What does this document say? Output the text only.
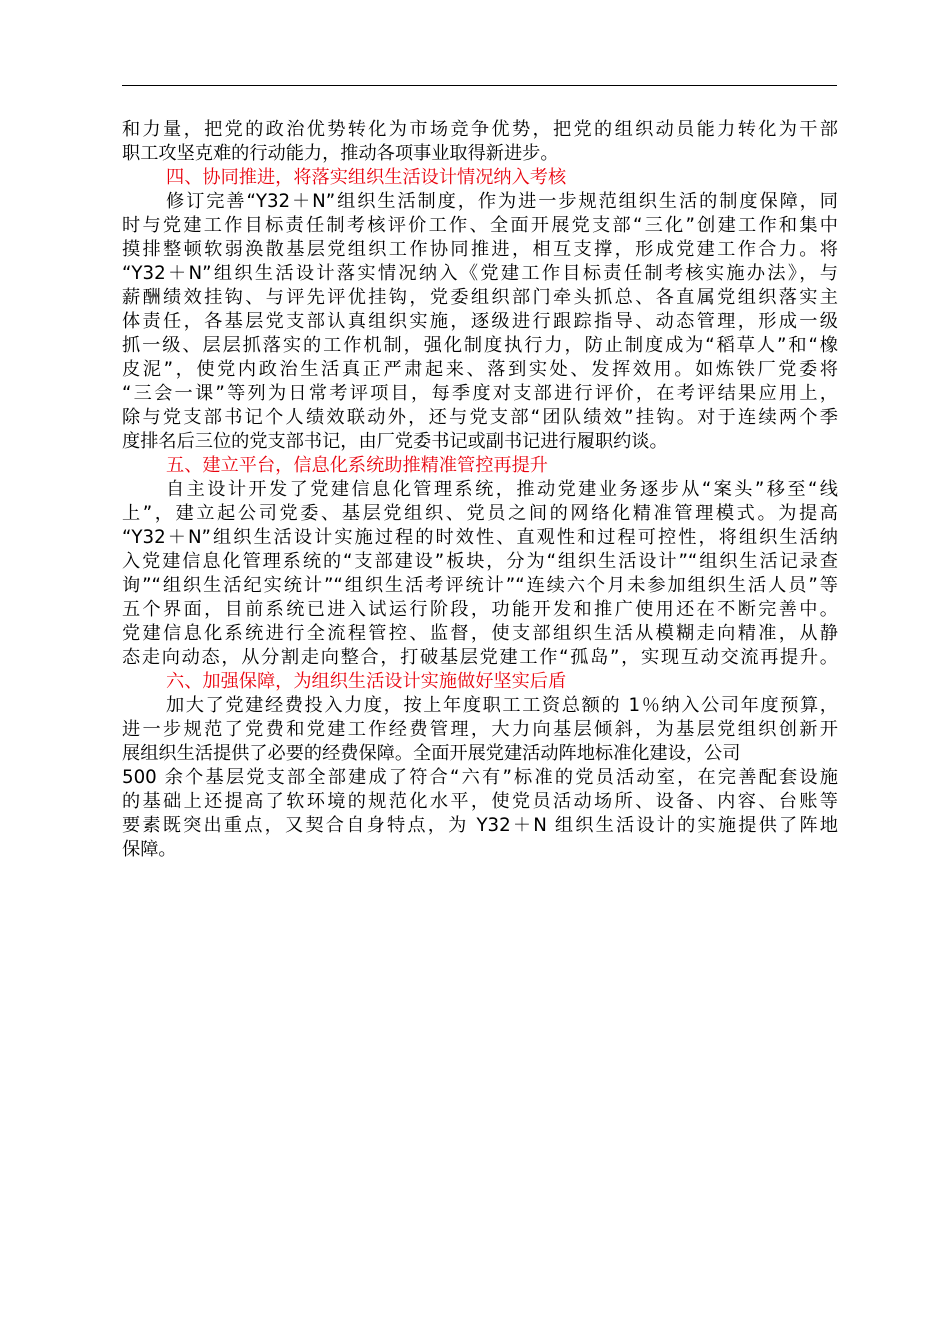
和力量，把党的政治优势转化为市场竞争优势，把党的组织动员能力转化为干部
职工攻坚克难的行动能力，推动各项事业取得新进步。
四、协同推进，将落实组织生活设计情况纳入考核
修订完善“Y32＋N”组织生活制度，作为进一步规范组织生活的制度保障，同
时与党建工作目标责任制考核评价工作、全面开展党支部“三化”创建工作和集中
摸排整顿软弱涣散基层党组织工作协同推进，相互支撑，形成党建工作合力。将
“Y32＋N”组织生活设计落实情况纳入《党建工作目标责任制考核实施办法》，与
薪酬绩效挂钩、与评先评优挂钩，党委组织部门牵头抓总、各直属党组织落实主
体责任，各基层党支部认真组织实施，逐级进行跟踪指导、动态管理，形成一级
抓一级、层层抓落实的工作机制，强化制度执行力，防止制度成为“稻草人”和“橡
皮泥”，使党内政治生活真正严肃起来、落到实处、发挥效用。如炼铁厂党委将
“三会一课”等列为日常考评项目，每季度对支部进行评价，在考评结果应用上，
除与党支部书记个人绩效联动外，还与党支部“团队绩效”挂钩。对于连续两个季
度排名后三位的党支部书记，由厂党委书记或副书记进行履职约谈。
五、建立平台，信息化系统助推精准管控再提升
自主设计开发了党建信息化管理系统，推动党建业务逐步从“案头”移至“线
上”，建立起公司党委、基层党组织、党员之间的网络化精准管理模式。为提高
“Y32＋N”组织生活设计实施过程的时效性、直观性和过程可控性，将组织生活纳
入党建信息化管理系统的“支部建设”板块，分为“组织生活设计”“组织生活记录查
询”“组织生活纪实统计”“组织生活考评统计”“连续六个月未参加组织生活人员”等
五个界面，目前系统已进入试运行阶段，功能开发和推广使用还在不断完善中。
党建信息化系统进行全流程管控、监督，使支部组织生活从模糊走向精准，从静
态走向动态，从分割走向整合，打破基层党建工作“孤岛”，实现互动交流再提升。
六、加强保障，为组织生活设计实施做好坚实后盾
加大了党建经费投入力度，按上年度职工工资总额的 1％纳入公司年度预算，
进一步规范了党费和党建工作经费管理，大力向基层倾斜，为基层党组织创新开
展组织生活提供了必要的经费保障。全面开展党建活动阵地标准化建设，公司
500 余个基层党支部全部建成了符合“六有”标准的党员活动室，在完善配套设施
的基础上还提高了软环境的规范化水平，使党员活动场所、设备、内容、台账等
要素既突出重点，又契合自身特点，为 Y32＋N 组织生活设计的实施提供了阵地
保障。
